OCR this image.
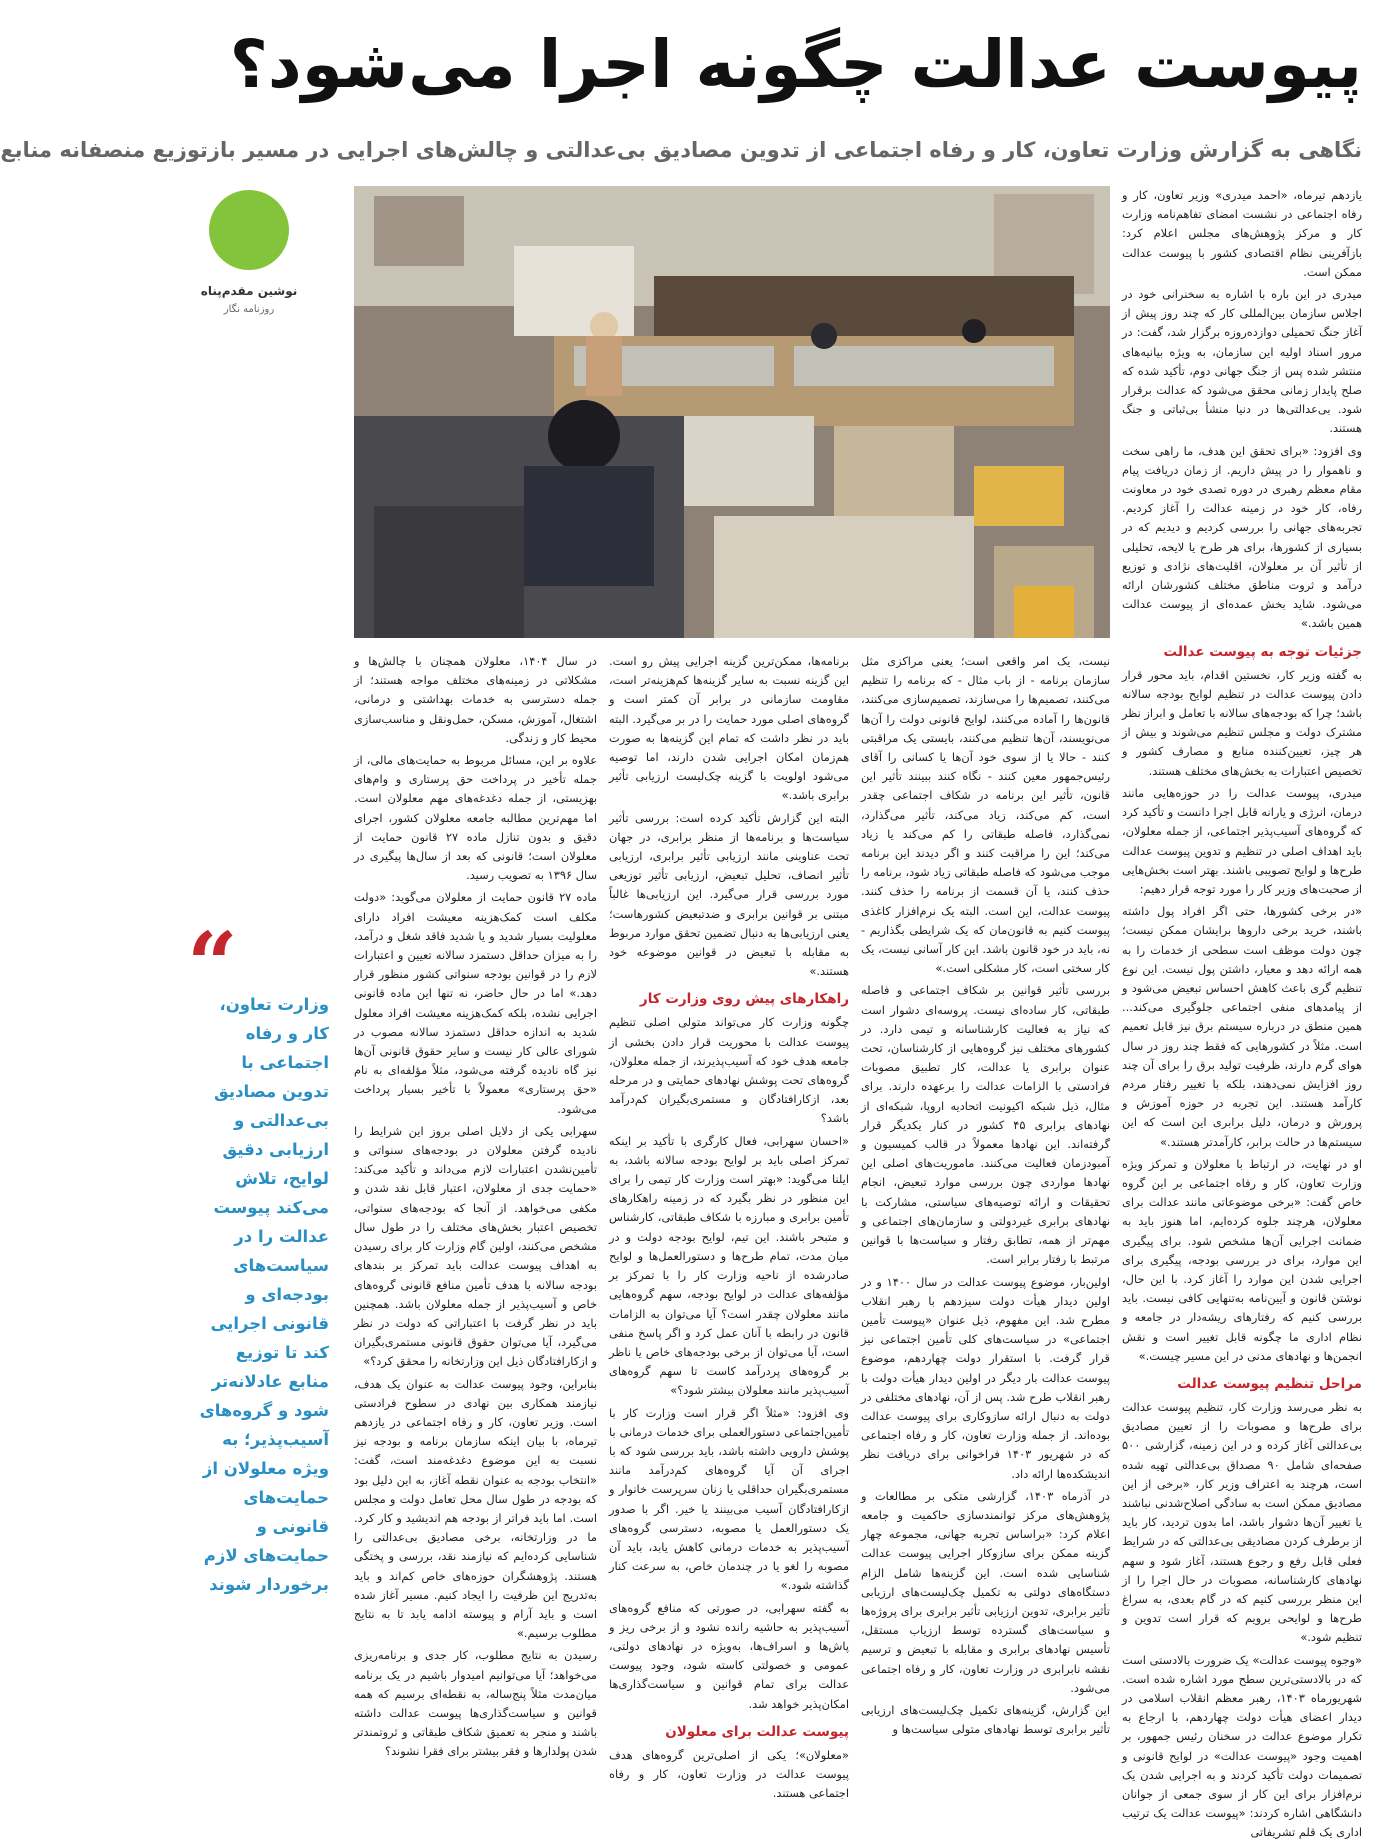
پیوست عدالت چگونه اجرا می‌شود؟
نگاهی به گزارش وزارت تعاون، کار و رفاه اجتماعی از تدوین مصادیق بی‌عدالتی و چالش‌های اجرایی در مسیر بازتوزیع منصفانه منابع
نوشین مقدم‌پناه
روزنامه نگار

یازدهم تیرماه، «احمد میدری» وزیر تعاون، کار و رفاه اجتماعی در نشست امضای تفاهم‌نامه وزارت کار و مرکز پژوهش‌های مجلس اعلام کرد: بازآفرینی نظام اقتصادی کشور با پیوست عدالت ممکن است.

میدری در این باره با اشاره به سخنرانی خود در اجلاس سازمان بین‌المللی کار که چند روز پیش از آغاز جنگ تحمیلی دوازده‌روزه برگزار شد، گفت: در مرور اسناد اولیه این سازمان، به ویژه بیانیه‌های منتشر شده پس از جنگ جهانی دوم، تأکید شده که صلح پایدار زمانی محقق می‌شود که عدالت برقرار شود. بی‌عدالتی‌ها در دنیا منشأ بی‌ثباتی و جنگ هستند.

وی افزود: «برای تحقق این هدف، ما راهی سخت و ناهموار را در پیش داریم. از زمان دریافت پیام مقام معظم رهبری در دوره تصدی خود در معاونت رفاه، کار خود در زمینه عدالت را آغاز کردیم. تجربه‌های جهانی را بررسی کردیم و دیدیم که در بسیاری از کشورها، برای هر طرح یا لایحه، تحلیلی از تأثیر آن بر معلولان، اقلیت‌های نژادی و توزیع درآمد و ثروت مناطق مختلف کشورشان ارائه می‌شود. شاید بخش عمده‌ای از پیوست عدالت همین باشد.»

جزئیات توجه به پیوست عدالت

به گفته وزیر کار، نخستین اقدام، باید محور قرار دادن پیوست عدالت در تنظیم لوایح بودجه سالانه باشد؛ چرا که بودجه‌های سالانه با تعامل و ابراز نظر مشترک دولت و مجلس تنظیم می‌شوند و بیش از هر چیز، تعیین‌کننده منابع و مصارف کشور و تخصیص اعتبارات به بخش‌های مختلف هستند.

میدری، پیوست عدالت را در حوزه‌هایی مانند درمان، انرژی و یارانه قابل اجرا دانست و تأکید کرد که گروه‌های آسیب‌پذیر اجتماعی، از جمله معلولان، باید اهداف اصلی در تنظیم و تدوین پیوست عدالت طرح‌ها و لوایح تصویبی باشند. بهتر است بخش‌هایی از صحبت‌های وزیر کار را مورد توجه قرار دهیم:

«در برخی کشورها، حتی اگر افراد پول داشته باشند، خرید برخی داروها برایشان ممکن نیست؛ چون دولت موظف است سطحی از خدمات را به همه ارائه دهد و معیار، داشتن پول نیست. این نوع تنظیم گری باعث کاهش احساس تبعیض می‌شود و از پیامدهای منفی اجتماعی جلوگیری می‌کند... همین منطق در درباره سیستم برق نیز قابل تعمیم است. مثلاً در کشورهایی که فقط چند روز در سال هوای گرم دارند، ظرفیت تولید برق را برای آن چند روز افزایش نمی‌دهند، بلکه با تغییر رفتار مردم کارآمد هستند. این تجربه در حوزه آموزش و پرورش و درمان، دلیل برابری این است که این سیستم‌ها در حالت برابر، کارآمدتر هستند.»

او در نهایت، در ارتباط با معلولان و تمرکز ویژه وزارت تعاون، کار و رفاه اجتماعی بر این گروه خاص گفت: «برخی موضوعاتی مانند عدالت برای معلولان، هرچند جلوه کرده‌ایم، اما هنوز باید به ضمانت اجرایی آن‌ها مشخص شود. برای پیگیری این موارد، برای در بررسی بودجه، پیگیری برای اجرایی شدن این موارد را آغاز کرد. با این حال، نوشتن قانون و آیین‌نامه به‌تنهایی کافی نیست. باید بررسی کنیم که رفتارهای ریشه‌دار در جامعه و نظام اداری ما چگونه قابل تغییر است و نقش انجمن‌ها و نهادهای مدنی در این مسیر چیست.»

مراحل تنظیم پیوست عدالت

به نظر می‌رسد وزارت کار، تنظیم پیوست عدالت برای طرح‌ها و مصوبات را از تعیین مصادیق بی‌عدالتی آغاز کرده و در این زمینه، گزارشی ۵۰۰ صفحه‌ای شامل ۹۰ مصداق بی‌عدالتی تهیه شده است، هرچند به اعتراف وزیر کار، «برخی از این مصادیق ممکن است به سادگی اصلاح‌شدنی نباشند یا تغییر آن‌ها دشوار باشد، اما بدون تردید، کار باید از برطرف کردن مصادیقی بی‌عدالتی که در شرایط فعلی قابل رفع و رجوع هستند، آغاز شود و سهم نهادهای کارشناسانه، مصوبات در حال اجرا را از این منظر بررسی کنیم که در گام بعدی، به سراغ طرح‌ها و لوایحی برویم که قرار است تدوین و تنظیم شود.»

«وجوه پیوست عدالت» یک ضرورت بالادستی است که در بالادستی‌ترین سطح مورد اشاره شده است. شهریورماه ۱۴۰۳، رهبر معظم انقلاب اسلامی در دیدار اعضای هیأت دولت چهاردهم، با ارجاع به تکرار موضوع عدالت در سخنان رئیس جمهور، بر اهمیت وجود «پیوست عدالت» در لوایح قانونی و تصمیمات دولت تأکید کردند و به اجرایی شدن یک نرم‌افزار برای این کار از سوی جمعی از جوانان دانشگاهی اشاره کردند: «پیوست عدالت یک ترتیب اداری یک قلم تشریفاتی

نیست، یک امر واقعی است؛ یعنی مراکزی مثل سازمان برنامه - از باب مثال - که برنامه را تنظیم می‌کنند، تصمیم‌ها را می‌سازند، تصمیم‌سازی می‌کنند، قانون‌ها را آماده می‌کنند، لوایح قانونی دولت را آن‌ها می‌نویسند، آن‌ها تنظیم می‌کنند، بایستی یک مراقبتی کنند - حالا یا از سوی خود آن‌ها یا کسانی را آقای رئیس‌جمهور معین کنند - نگاه کنند ببینند تأثیر این قانون، تأثیر این برنامه در شکاف اجتماعی چقدر است، کم می‌کند، زیاد می‌کند، تأثیر می‌گذارد، نمی‌گذارد، فاصله طبقاتی را کم می‌کند یا زیاد می‌کند؛ این را مراقبت کنند و اگر دیدند این برنامه موجب می‌شود که فاصله طبقاتی زیاد شود، برنامه را حذف کنند، یا آن قسمت از برنامه را حذف کنند. پیوست عدالت، این است. البته یک نرم‌افزار کاغذی پیوست کنیم به قانون‌مان که یک شرایطی بگذاریم - نه، باید در خود قانون باشد. این کار آسانی نیست، یک کار سختی است، کار مشکلی است.»

بررسی تأثیر قوانین بر شکاف اجتماعی و فاصله طبقاتی، کار ساده‌ای نیست. پروسه‌ای دشوار است که نیاز به فعالیت کارشناسانه و تیمی دارد. در کشورهای مختلف نیز گروه‌هایی از کارشناسان، تحت عنوان برابری یا عدالت، کار تطبیق مصوبات فرادستی با الزامات عدالت را برعهده دارند. برای مثال، ذیل شبکه اکیونیت اتحادیه اروپا، شبکه‌ای از نهادهای برابری ۴۵ کشور در کنار یکدیگر قرار گرفته‌اند. این نهادها معمولاً در قالب کمیسیون و آمبودزمان فعالیت می‌کنند. ماموریت‌های اصلی این نهادها مواردی چون بررسی موارد تبعیض، انجام تحقیقات و ارائه توصیه‌های سیاستی، مشارکت با نهادهای برابری غیردولتی و سازمان‌های اجتماعی و مهم‌تر از همه، تطابق رفتار و سیاست‌ها با قوانین مرتبط با رفتار برابر است.

اولین‌بار، موضوع پیوست عدالت در سال ۱۴۰۰ و در اولین دیدار هیأت دولت سیزدهم با رهبر انقلاب مطرح شد. این مفهوم، ذیل عنوان «پیوست تأمین اجتماعی» در سیاست‌های کلی تأمین اجتماعی نیز قرار گرفت. با استقرار دولت چهاردهم، موضوع پیوست عدالت بار دیگر در اولین دیدار هیأت دولت با رهبر انقلاب طرح شد. پس از آن، نهادهای مختلفی در دولت به دنبال ارائه سازوکاری برای پیوست عدالت بوده‌اند. از جمله وزارت تعاون، کار و رفاه اجتماعی که در شهریور ۱۴۰۳ فراخوانی برای دریافت نظر اندیشکده‌ها ارائه داد.

در آذرماه ۱۴۰۳، گزارشی متکی بر مطالعات و پژوهش‌های مرکز توانمندسازی حاکمیت و جامعه اعلام کرد: «براساس تجربه جهانی، مجموعه چهار گزینه ممکن برای سازوکار اجرایی پیوست عدالت شناسایی شده است. این گزینه‌ها شامل الزام دستگاه‌های دولتی به تکمیل چک‌لیست‌های ارزیابی تأثیر برابری، تدوین ارزیابی تأثیر برابری برای پروژه‌ها و سیاست‌های گسترده توسط ارزیاب مستقل، تأسیس نهادهای برابری و مقابله با تبعیض و ترسیم نقشه نابرابری در وزارت تعاون، کار و رفاه اجتماعی می‌شود.

این گزارش، گزینه‌های تکمیل چک‌لیست‌های ارزیابی تأثیر برابری توسط نهادهای متولی سیاست‌ها و

برنامه‌ها، ممکن‌ترین گزینه اجرایی پیش رو است. این گزینه نسبت به سایر گزینه‌ها کم‌هزینه‌تر است، مقاومت سازمانی در برابر آن کمتر است و گروه‌های اصلی مورد حمایت را در بر می‌گیرد. البته باید در نظر داشت که تمام این گزینه‌ها به صورت هم‌زمان امکان اجرایی شدن دارند، اما توصیه می‌شود اولویت با گزینه چک‌لیست ارزیابی تأثیر برابری باشد.»

البته این گزارش تأکید کرده است: بررسی تأثیر سیاست‌ها و برنامه‌ها از منظر برابری، در جهان تحت عناوینی مانند ارزیابی تأثیر برابری، ارزیابی تأثیر انصاف، تحلیل تبعیض، ارزیابی تأثیر توزیعی مورد بررسی قرار می‌گیرد. این ارزیابی‌ها غالباً مبتنی بر قوانین برابری و ضدتبعیض کشورهاست؛ یعنی ارزیابی‌ها به دنبال تضمین تحقق موارد مربوط به مقابله با تبعیض در قوانین موضوعه خود هستند.»

راهکارهای پیش روی وزارت کار

چگونه وزارت کار می‌تواند متولی اصلی تنظیم پیوست عدالت با محوریت قرار دادن بخشی از جامعه هدف خود که آسیب‌پذیرند، از جمله معلولان، گروه‌های تحت پوشش نهادهای حمایتی و در مرحله بعد، ازکارافتادگان و مستمری‌بگیران کم‌درآمد باشد؟

«احسان سهرابی، فعال کارگری با تأکید بر اینکه تمرکز اصلی باید بر لوایح بودجه سالانه باشد، به ایلنا می‌گوید: «بهتر است وزارت کار تیمی را برای این منظور در نظر بگیرد که در زمینه راهکارهای تأمین برابری و مبارزه با شکاف طبقاتی، کارشناس و متبحر باشند. این تیم، لوایح بودجه دولت و در میان مدت، تمام طرح‌ها و دستورالعمل‌ها و لوایح صادرشده از ناحیه وزارت کار را با تمرکز بر مؤلفه‌های عدالت در لوایح بودجه، سهم گروه‌هایی مانند معلولان چقدر است؟ آیا می‌توان به الزامات قانون در رابطه با آنان عمل کرد و اگر پاسخ منفی است، آیا می‌توان از برخی بودجه‌های خاص یا ناظر بر گروه‌های پردرآمد کاست تا سهم گروه‌های آسیب‌پذیر مانند معلولان بیشتر شود؟»

وی افزود: «مثلاً اگر قرار است وزارت کار با تأمین‌اجتماعی دستورالعملی برای خدمات درمانی با پوشش دارویی داشته باشد، باید بررسی شود که با اجرای آن آیا گروه‌های کم‌درآمد مانند مستمری‌بگیران حداقلی یا زنان سرپرست خانوار و ازکارافتادگان آسیب می‌بینند یا خیر. اگر با صدور یک دستورالعمل یا مصوبه، دسترسی گروه‌های آسیب‌پذیر به خدمات درمانی کاهش یابد، باید آن مصوبه را لغو یا در چندمان خاص، به سرعت کنار گذاشته شود.»

به گفته سهرابی، در صورتی که منافع گروه‌های آسیب‌پذیر به حاشیه رانده نشود و از برخی ریز و پاش‌ها و اسراف‌ها، به‌ویژه در نهادهای دولتی، عمومی و خصولتی کاسته شود، وجود پیوست عدالت برای تمام قوانین و سیاست‌گذاری‌ها امکان‌پذیر خواهد شد.

پیوست عدالت برای معلولان

«معلولان»؛ یکی از اصلی‌ترین گروه‌های هدف پیوست عدالت در وزارت تعاون، کار و رفاه اجتماعی هستند.

در سال ۱۴۰۴، معلولان همچنان با چالش‌ها و مشکلاتی در زمینه‌های مختلف مواجه هستند؛ از جمله دسترسی به خدمات بهداشتی و درمانی، اشتغال، آموزش، مسکن، حمل‌ونقل و مناسب‌سازی محیط کار و زندگی.

علاوه بر این، مسائل مربوط به حمایت‌های مالی، از جمله تأخیر در پرداخت حق پرستاری و وام‌های بهزیستی، از جمله دغدغه‌های مهم معلولان است. اما مهم‌ترین مطالبه جامعه معلولان کشور، اجرای دقیق و بدون تنازل ماده ۲۷ قانون حمایت از معلولان است؛ قانونی که بعد از سال‌ها پیگیری در سال ۱۳۹۶ به تصویب رسید.

ماده ۲۷ قانون حمایت از معلولان می‌گوید: «دولت مکلف است کمک‌هزینه معیشت افراد دارای معلولیت بسیار شدید و یا شدید فاقد شغل و درآمد، را به میزان حداقل دستمزد سالانه تعیین و اعتبارات لازم را در قوانین بودجه سنواتی کشور منظور قرار دهد.» اما در حال حاضر، نه تنها این ماده قانونی اجرایی نشده، بلکه کمک‌هزینه معیشت افراد معلول شدید به اندازه حداقل دستمزد سالانه مصوب در شورای عالی کار نیست و سایر حقوق قانونی آن‌ها نیز گاه نادیده گرفته می‌شود، مثلاً مؤلفه‌ای به نام «حق پرستاری» معمولاً با تأخیر بسیار پرداخت می‌شود.

سهرابی یکی از دلایل اصلی بروز این شرایط را نادیده گرفتن معلولان در بودجه‌های سنواتی و تأمین‌نشدن اعتبارات لازم می‌داند و تأکید می‌کند: «حمایت جدی از معلولان، اعتبار قابل نقد شدن و مکفی می‌خواهد. از آنجا که بودجه‌های سنواتی، تخصیص اعتبار بخش‌های مختلف را در طول سال مشخص می‌کنند، اولین گام وزارت کار برای رسیدن به اهداف پیوست عدالت باید تمرکز بر بندهای بودجه سالانه با هدف تأمین منافع قانونی گروه‌های خاص و آسیب‌پذیر از جمله معلولان باشد. همچنین باید در نظر گرفت با اعتباراتی که دولت در نظر می‌گیرد، آیا می‌توان حقوق قانونی مستمری‌بگیران و ازکارافتادگان ذیل این وزارتخانه را محقق کرد؟»

بنابراین، وجود پیوست عدالت به عنوان یک هدف، نیازمند همکاری بین نهادی در سطوح فرادستی است. وزیر تعاون، کار و رفاه اجتماعی در یازدهم تیرماه، با بیان اینکه سازمان برنامه و بودجه نیز نسبت به این موضوع دغدغه‌مند است، گفت: «انتخاب بودجه به عنوان نقطه آغاز، به این دلیل بود که بودجه در طول سال محل تعامل دولت و مجلس است. اما باید فراتر از بودجه هم اندیشید و کار کرد. ما در وزارتخانه، برخی مصادیق بی‌عدالتی را شناسایی کرده‌ایم که نیازمند نقد، بررسی و پختگی هستند. پژوهشگران حوزه‌های خاص کم‌اند و باید به‌تدریج این ظرفیت را ایجاد کنیم. مسیر آغاز شده است و باید آرام و پیوسته ادامه یابد تا به نتایج مطلوب برسیم.»

رسیدن به نتایج مطلوب، کار جدی و برنامه‌ریزی می‌خواهد؛ آیا می‌توانیم امیدوار باشیم در یک برنامه میان‌مدت مثلاً پنج‌ساله، به نقطه‌ای برسیم که همه قوانین و سیاست‌گذاری‌ها پیوست عدالت داشته باشند و منجر به تعمیق شکاف طبقاتی و ثروتمندتر شدن پولدارها و فقر بیشتر برای فقرا نشوند؟

“
وزارت تعاون، کار و رفاه اجتماعی با تدوین مصادیق بی‌عدالتی و ارزیابی دقیق لوایح، تلاش می‌کند پیوست عدالت را در سیاست‌های بودجه‌ای و قانونی اجرایی کند تا توزیع منابع عادلانه‌تر شود و گروه‌های آسیب‌پذیر؛ به ویژه معلولان از حمایت‌های قانونی و حمایت‌های لازم برخوردار شوند
